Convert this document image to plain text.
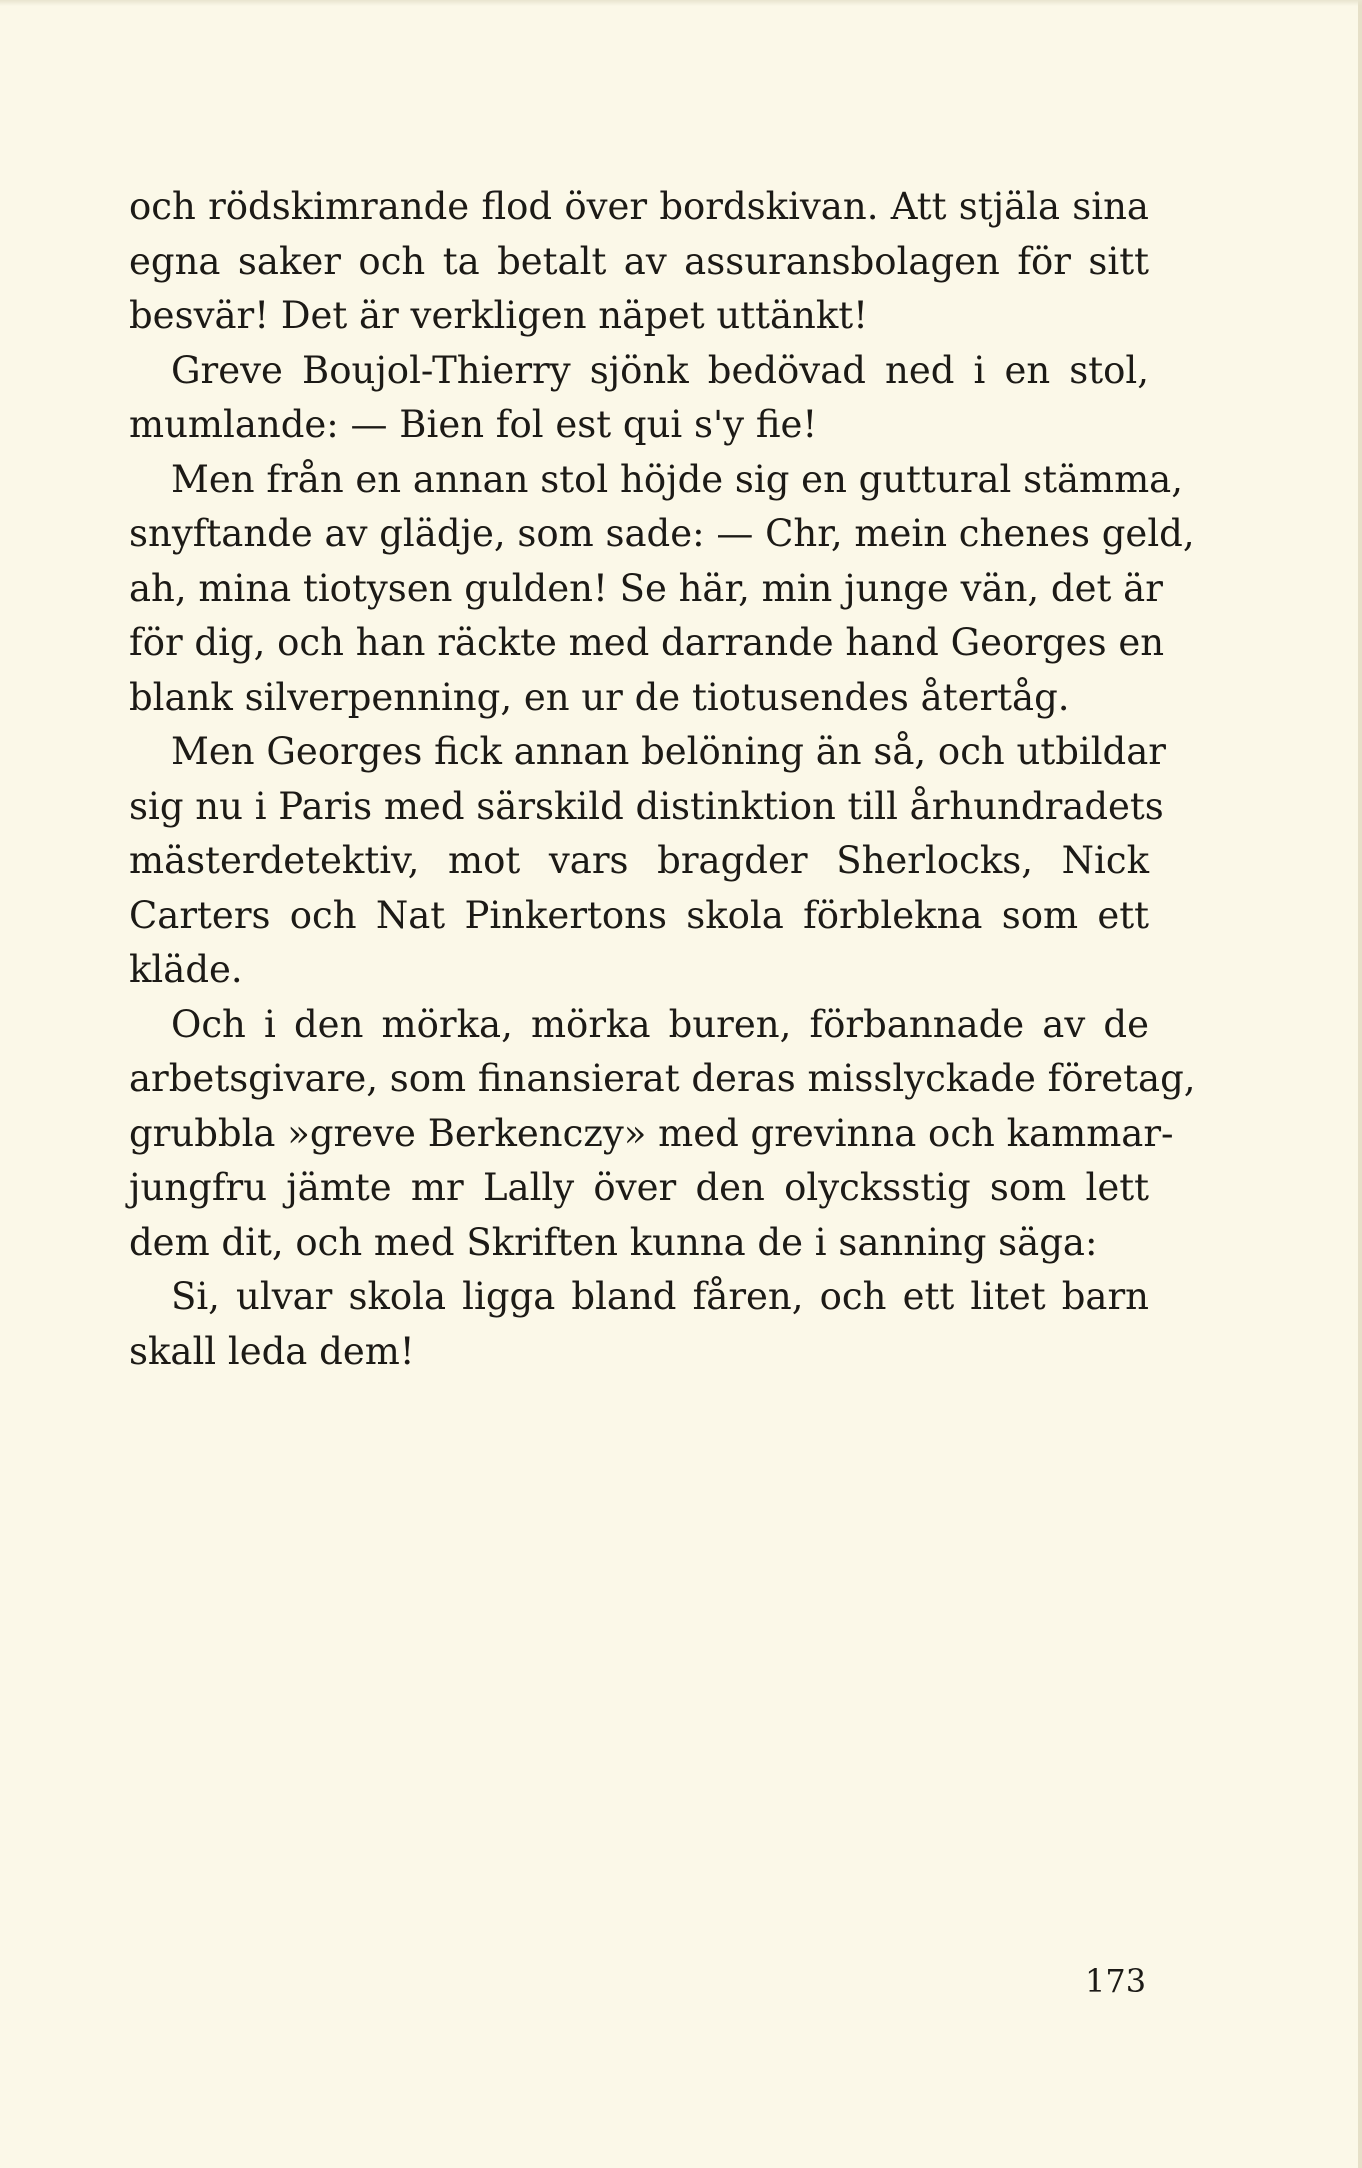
och rödskimrande flod över bordskivan. Att stjäla sina
egna saker och ta betalt av assuransbolagen för sitt
besvär! Det är verkligen näpet uttänkt!
Greve Boujol-Thierry sjönk bedövad ned i en stol,
mumlande: — Bien fol est qui s'y fie!
Men från en annan stol höjde sig en guttural stämma,
snyftande av glädje, som sade: — Chr, mein chenes geld,
ah, mina tiotysen gulden! Se här, min junge vän, det är
för dig, och han räckte med darrande hand Georges en
blank silverpenning, en ur de tiotusendes återtåg.
Men Georges fick annan belöning än så, och utbildar
sig nu i Paris med särskild distinktion till århundradets
mästerdetektiv, mot vars bragder Sherlocks, Nick
Carters och Nat Pinkertons skola förblekna som ett
kläde.
Och i den mörka, mörka buren, förbannade av de
arbetsgivare, som finansierat deras misslyckade företag,
grubbla »greve Berkenczy» med grevinna och kammar-
jungfru jämte mr Lally över den olycksstig som lett
dem dit, och med Skriften kunna de i sanning säga:
Si, ulvar skola ligga bland fåren, och ett litet barn
skall leda dem!
173
